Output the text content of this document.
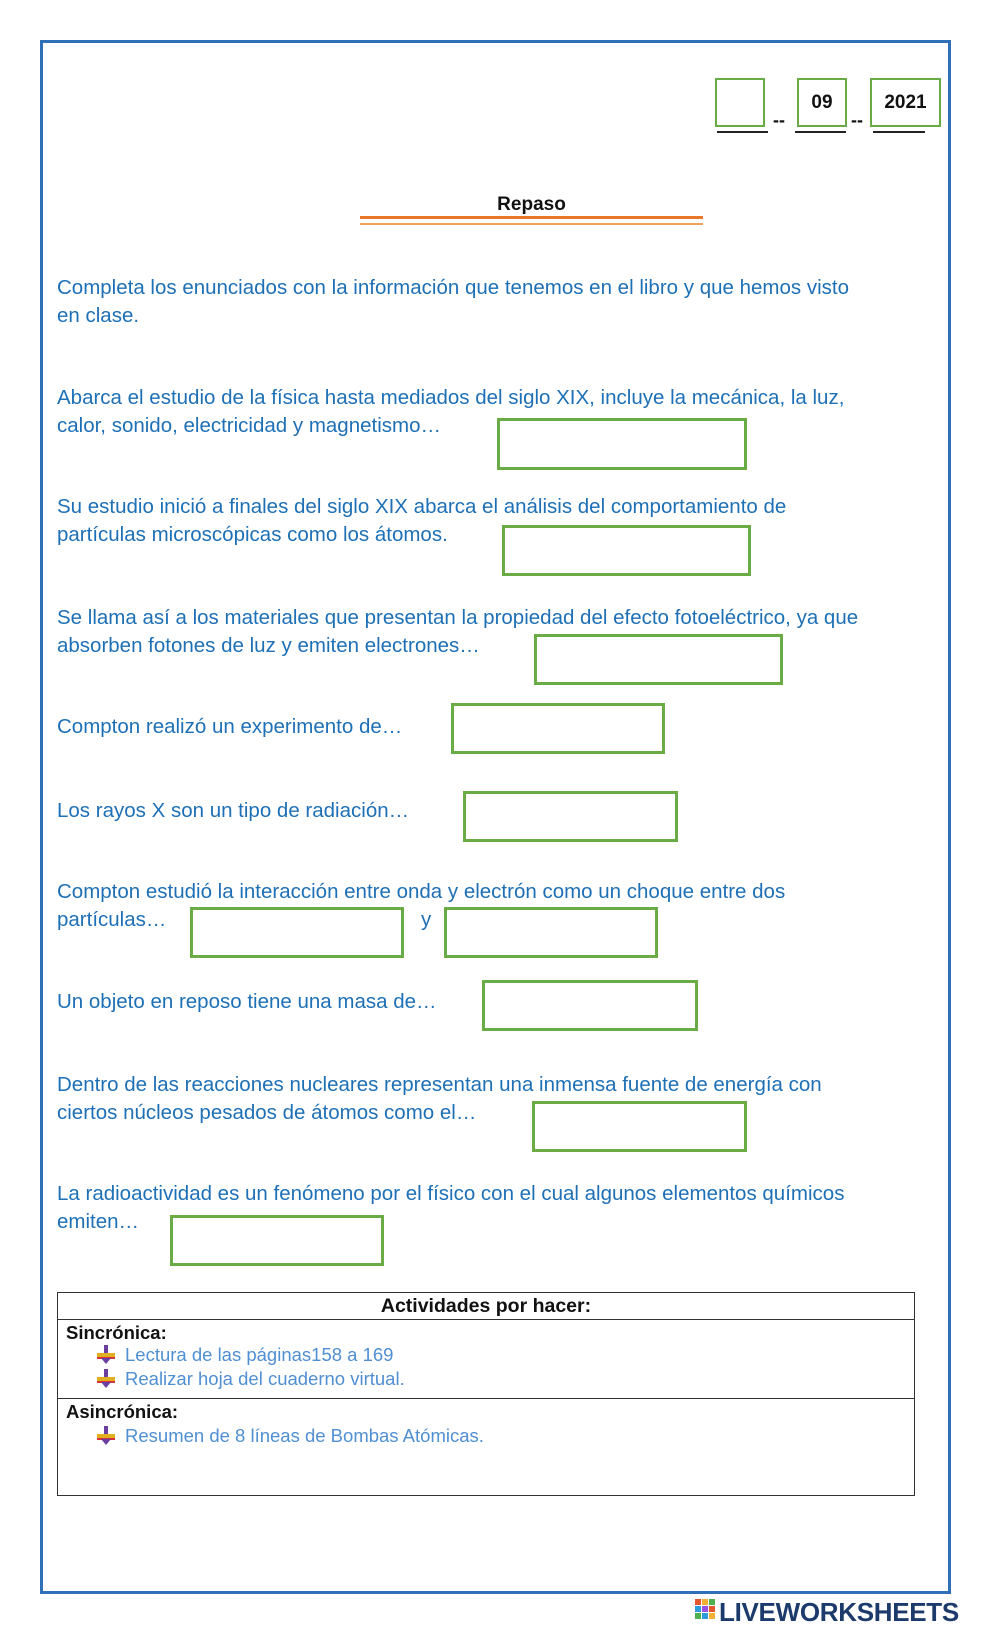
--
09	--
2021
Repaso
Completa los enunciados con la información que tenemos en el libro y que hemos visto
en clase.
Abarca el estudio de la física hasta mediados del siglo XIX, incluye la mecánica, la luz,
calor, sonido, electricidad y magnetismo…
Su estudio inició a finales del siglo XIX abarca el análisis del comportamiento de
partículas microscópicas como los átomos.
Se llama así a los materiales que presentan la propiedad del efecto fotoeléctrico, ya que
absorben fotones de luz y emiten electrones…
Compton realizó un experimento de…
Los rayos X son un tipo de radiación…
Compton estudió la interacción entre onda y electrón como un choque entre dos
partículas…	y
Un objeto en reposo tiene una masa de…
Dentro de las reacciones nucleares representan una inmensa fuente de energía con
ciertos núcleos pesados de átomos como el…
La radioactividad es un fenómeno por el físico con el cual algunos elementos químicos
emiten…
Actividades por hacer:
Sincrónica:
Lectura de las páginas158 a 169
Realizar hoja del cuaderno virtual.
Asincrónica:
Resumen de 8 líneas de Bombas Atómicas.
LIVEWORKSHEETS
